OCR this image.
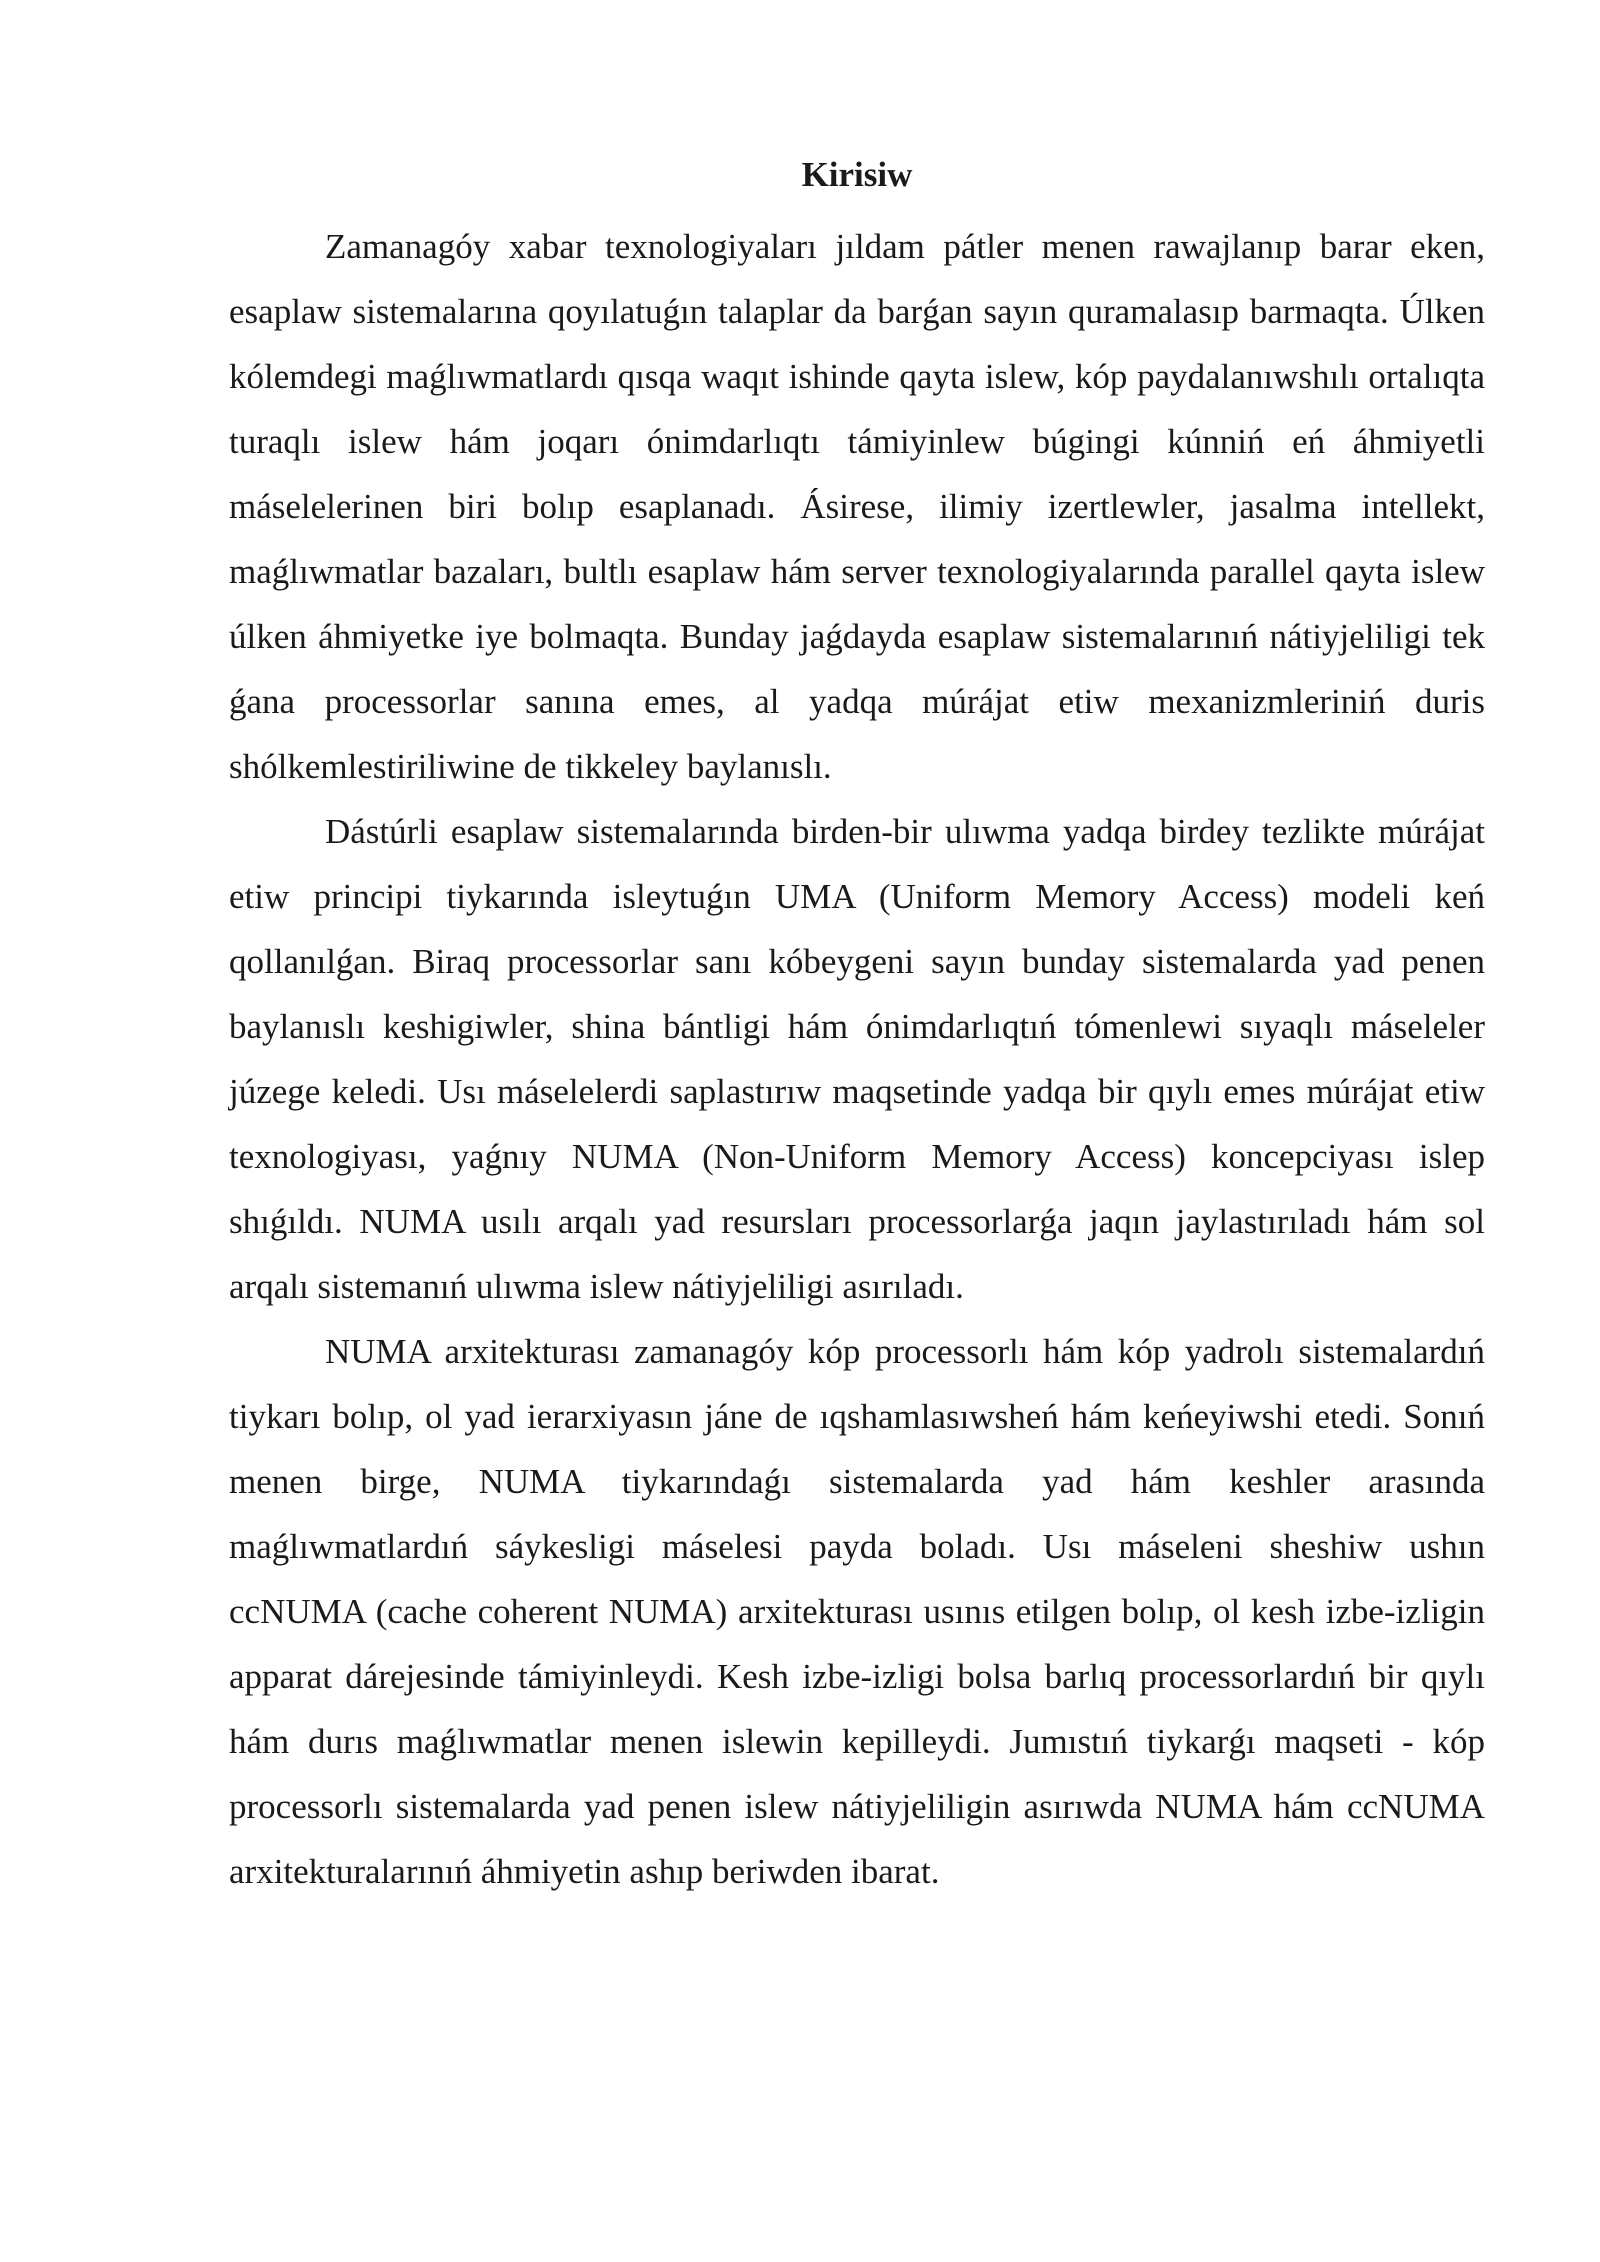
Kirisiw

Zamanagóy xabar texnologiyaları jıldam pátler menen rawajlanıp barar eken, esaplaw sistemalarına qoyılatuǵın talaplar da barǵan sayın quramalasıp barmaqta. Úlken kólemdegi maǵlıwmatlardı qısqa waqıt ishinde qayta islew, kóp paydalanıwshılı ortalıqta turaqlı islew hám joqarı ónimdarlıqtı támiyinlew búgingi kúnniń eń áhmiyetli máselelerinen biri bolıp esaplanadı. Ásirese, ilimiy izertlewler, jasalma intellekt, maǵlıwmatlar bazaları, bultlı esaplaw hám server texnologiyalarında parallel qayta islew úlken áhmiyetke iye bolmaqta. Bunday jaǵdayda esaplaw sistemalarınıń nátiyjeliligi tek ǵana processorlar sanına emes, al yadqa múrájat etiw mexanizmleriniń duris shólkemlestiriliwine de tikkeley baylanıslı.

Dástúrli esaplaw sistemalarında birden-bir ulıwma yadqa birdey tezlikte múrájat etiw principi tiykarında isleytuǵın UMA (Uniform Memory Access) modeli keń qollanılǵan. Biraq processorlar sanı kóbeygeni sayın bunday sistemalarda yad penen baylanıslı keshigiwler, shina bántligi hám ónimdarlıqtıń tómenlewi sıyaqlı máseleler júzege keledi. Usı máselelerdi saplastırıw maqsetinde yadqa bir qıylı emes múrájat etiw texnologiyası, yaǵnıy NUMA (Non-Uniform Memory Access) koncepciyası islep shıǵıldı. NUMA usılı arqalı yad resursları processorlarǵa jaqın jaylastırıladı hám sol arqalı sistemanıń ulıwma islew nátiyjeliligi asırıladı.

NUMA arxitekturası zamanagóy kóp processorlı hám kóp yadrolı sistemalardıń tiykarı bolıp, ol yad ierarxiyasın jáne de ıqshamlasıwsheń hám keńeyiwshi etedi. Sonıń menen birge, NUMA tiykarındaǵı sistemalarda yad hám keshler arasında maǵlıwmatlardıń sáykesligi máselesi payda boladı. Usı máseleni sheshiw ushın ccNUMA (cache coherent NUMA) arxitekturası usınıs etilgen bolıp, ol kesh izbe-izligin apparat dárejesinde támiyinleydi. Kesh izbe-izligi bolsa barlıq processorlardıń bir qıylı hám durıs maǵlıwmatlar menen islewin kepilleydi. Jumıstıń tiykarǵı maqseti - kóp processorlı sistemalarda yad penen islew nátiyjeliligin asırıwda NUMA hám ccNUMA arxitekturalarınıń áhmiyetin ashıp beriwden ibarat.
